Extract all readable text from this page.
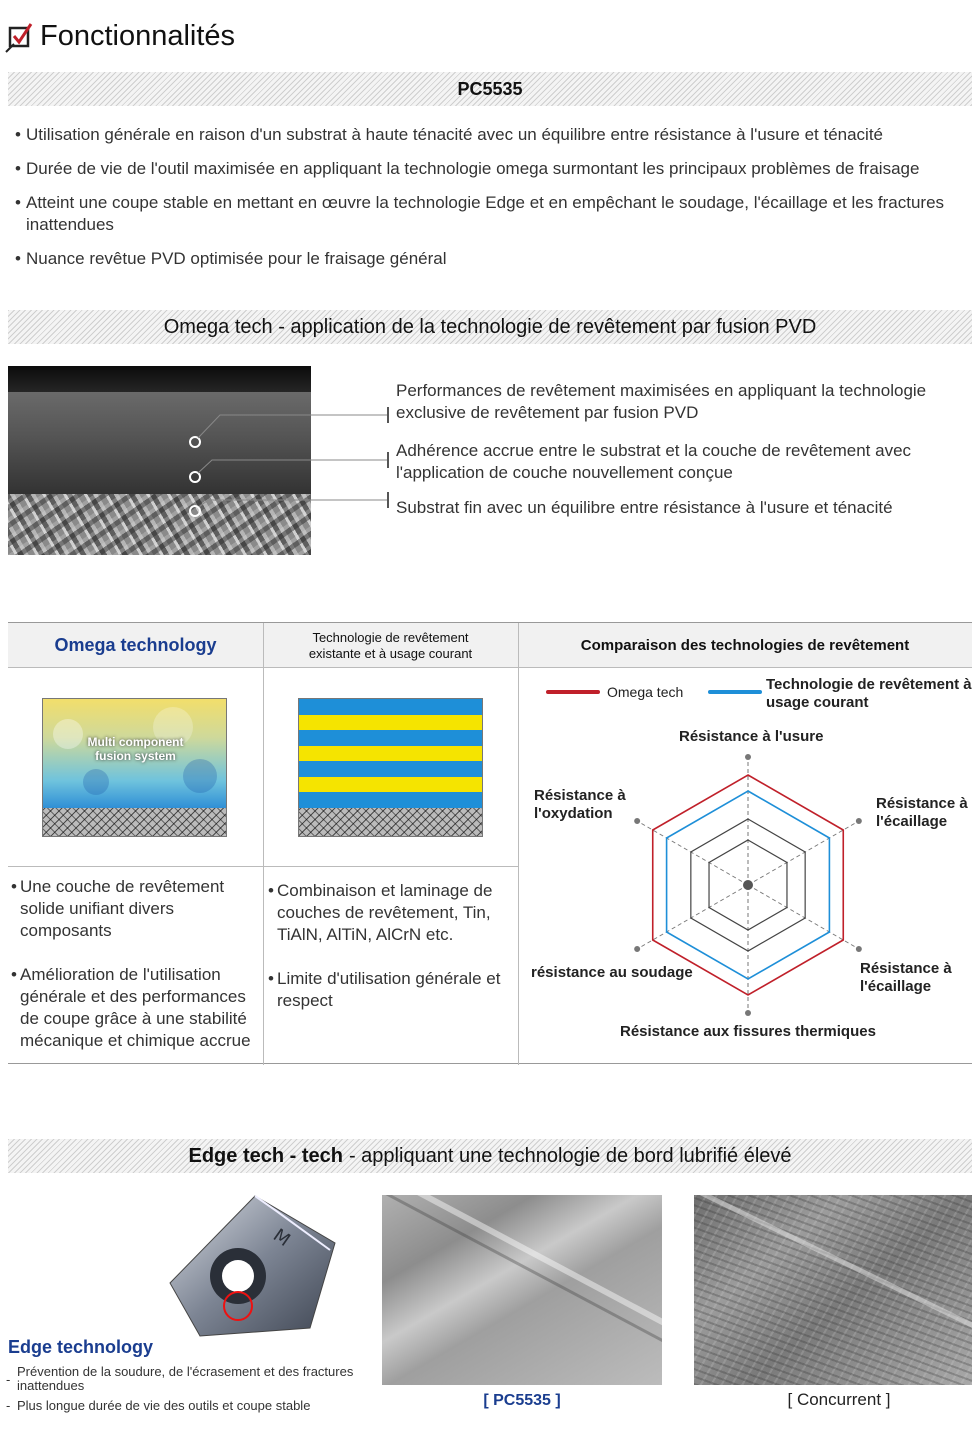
Fonctionnalités
PC5535
• Utilisation générale en raison d'un substrat à haute ténacité avec un équilibre entre résistance à l'usure et ténacité
• Durée de vie de l'outil maximisée en appliquant la technologie omega surmontant les principaux problèmes de fraisage
• Atteint une coupe stable en mettant en œuvre la technologie Edge et en empêchant le soudage, l'écaillage et les fractures inattendues
• Nuance revêtue PVD optimisée pour le fraisage général
Omega tech - application de la technologie de revêtement par fusion PVD
Performances de revêtement maximisées en appliquant la technologie exclusive de revêtement par fusion PVD
Adhérence accrue entre le substrat et la couche de revêtement avec l'application de couche nouvellement conçue
Substrat fin avec un équilibre entre résistance à l'usure et ténacité
Omega technology	Technologie de revêtement existante et à usage courant	Comparaison des technologies de revêtement
Multi component fusion system
• Une couche de revêtement solide unifiant divers composants
• Amélioration de l'utilisation générale et des performances de coupe grâce à une stabilité mécanique et chimique accrue
• Combinaison et laminage de couches de revêtement, Tin, TiAlN, AlTiN, AlCrN etc.
• Limite d'utilisation générale et respect
Omega tech	Technologie de revêtement à usage courant
Résistance à l'usure
Résistance à l'écaillage
Résistance à l'écaillage
Résistance aux fissures thermiques
résistance au soudage
Résistance à l'oxydation
Edge tech - tech - appliquant une technologie de bord lubrifié élevé
M
Edge technology
-
Prévention de la soudure, de l'écrasement et des fractures inattendues
- Plus longue durée de vie des outils et coupe stable	[ PC5535 ]	[ Concurrent ]
